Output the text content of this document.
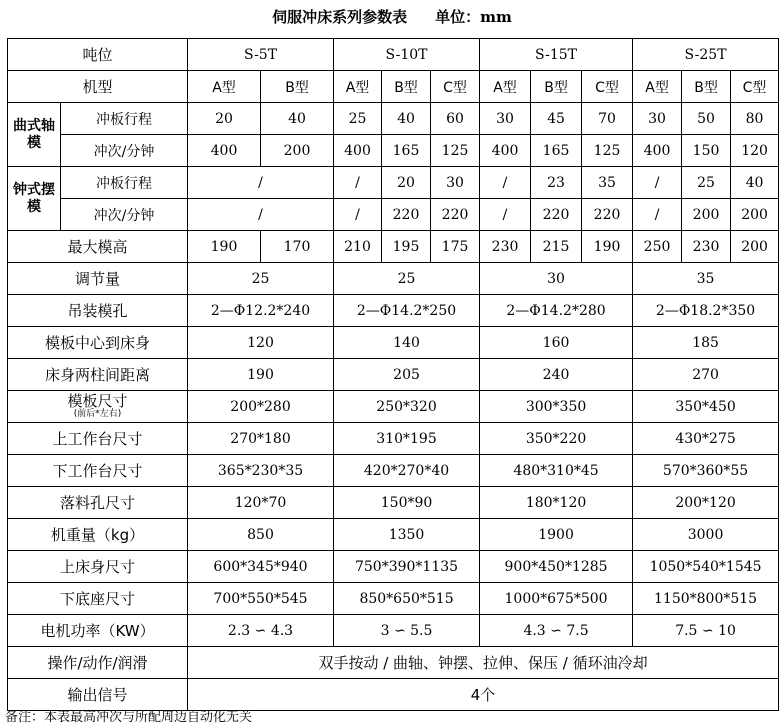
伺服冲床系列参数表 单位：mm
吨位		S-5T		S-10T			S-15T			S-25T		
机型		A型	B型	A型	B型	C型	A型	B型	C型	A型	B型	C型
曲式轴模	冲板行程	20	40	25	40	60	30	45	70	30	50	80
	冲次/分钟	400	200	400	165	125	400	165	125	400	150	120
钟式摆模	冲板行程	/		/	20	30	/	23	35	/	25	40
	冲次/分钟	/		/	220	220	/	220	220	/	200	200
最大模高		190	170	210	195	175	230	215	190	250	230	200
调节量		25		25			30			35		
吊装模孔		2—Φ12.2*240		2—Φ14.2*250			2—Φ14.2*280			2—Φ18.2*350		
模板中心到床身		120		140			160			185		
床身两柱间距离		190		205			240			270		

模板尺寸
(前后*左右)		200*280		250*320			300*350			350*450		
上工作台尺寸		270*180		310*195			350*220			430*275		
下工作台尺寸		365*230*35		420*270*40			480*310*45			570*360*55		
落料孔尺寸		120*70		150*90			180*120			200*120		
机重量（kg）		850		1350			1900			3000		
上床身尺寸		600*345*940		750*390*1135			900*450*1285			1050*540*1545		
下底座尺寸		700*550*545		850*650*515			1000*675*500			1150*800*515		
电机功率（KW）		2.3 ∽ 4.3		3 ∽ 5.5			4.3 ∽ 7.5			7.5 ∽ 10		
操作/动作/润滑		双手按动 / 曲轴、钟摆、拉伸、保压 / 循环油冷却										
输出信号		4个										
备注：本表最高冲次与所配周边自动化无关
